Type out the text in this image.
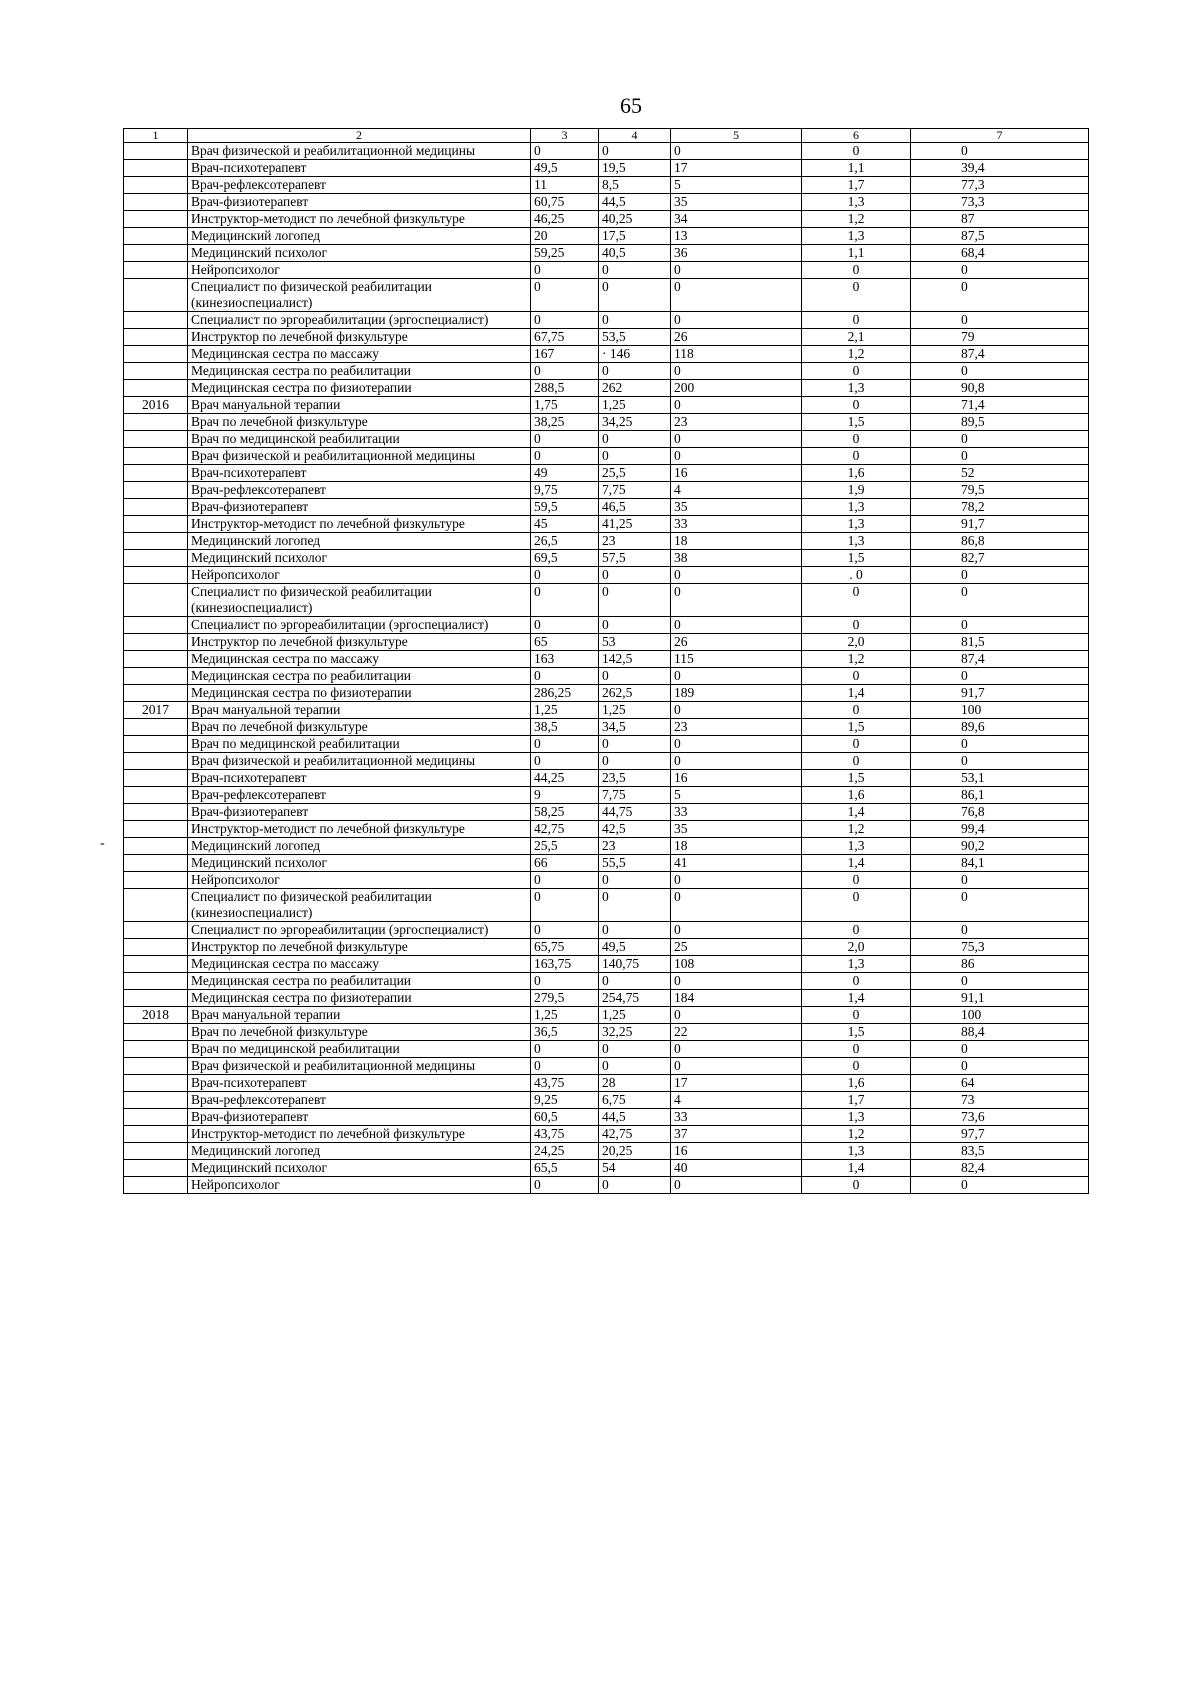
65
-
1	2	3	4	5	6	7
	Врач физической и реабилитационной медицины	0	0	0	0	0
	Врач-психотерапевт	49,5	19,5	17	1,1	39,4
	Врач-рефлексотерапевт	11	8,5	5	1,7	77,3
	Врач-физиотерапевт	60,75	44,5	35	1,3	73,3
	Инструктор-методист по лечебной физкультуре	46,25	40,25	34	1,2	87
	Медицинский логопед	20	17,5	13	1,3	87,5
	Медицинский психолог	59,25	40,5	36	1,1	68,4
	Нейропсихолог	0	0	0	0	0
	Специалист по физической реабилитации (кинезиоспециалист)	0	0	0	0	0
	Специалист по эргореабилитации (эргоспециалист)	0	0	0	0	0
	Инструктор по лечебной физкультуре	67,75	53,5	26	2,1	79
	Медицинская сестра по массажу	167	· 146	118	1,2	87,4
	Медицинская сестра по реабилитации	0	0	0	0	0
	Медицинская сестра по физиотерапии	288,5	262	200	1,3	90,8
2016	Врач мануальной терапии	1,75	1,25	0	0	71,4
	Врач по лечебной физкультуре	38,25	34,25	23	1,5	89,5
	Врач по медицинской реабилитации	0	0	0	0	0
	Врач физической и реабилитационной медицины	0	0	0	0	0
	Врач-психотерапевт	49	25,5	16	1,6	52
	Врач-рефлексотерапевт	9,75	7,75	4	1,9	79,5
	Врач-физиотерапевт	59,5	46,5	35	1,3	78,2
	Инструктор-методист по лечебной физкультуре	45	41,25	33	1,3	91,7
	Медицинский логопед	26,5	23	18	1,3	86,8
	Медицинский психолог	69,5	57,5	38	1,5	82,7
	Нейропсихолог	0	0	0	. 0	0
	Специалист по физической реабилитации (кинезиоспециалист)	0	0	0	0	0
	Специалист по эргореабилитации (эргоспециалист)	0	0	0	0	0
	Инструктор по лечебной физкультуре	65	53	26	2,0	81,5
	Медицинская сестра по массажу	163	142,5	115	1,2	87,4
	Медицинская сестра по реабилитации	0	0	0	0	0
	Медицинская сестра по физиотерапии	286,25	262,5	189	1,4	91,7
2017	Врач мануальной терапии	1,25	1,25	0	0	100
	Врач по лечебной физкультуре	38,5	34,5	23	1,5	89,6
	Врач по медицинской реабилитации	0	0	0	0	0
	Врач физической и реабилитационной медицины	0	0	0	0	0
	Врач-психотерапевт	44,25	23,5	16	1,5	53,1
	Врач-рефлексотерапевт	9	7,75	5	1,6	86,1
	Врач-физиотерапевт	58,25	44,75	33	1,4	76,8
	Инструктор-методист по лечебной физкультуре	42,75	42,5	35	1,2	99,4
	Медицинский логопед	25,5	23	18	1,3	90,2
	Медицинский психолог	66	55,5	41	1,4	84,1
	Нейропсихолог	0	0	0	0	0
	Специалист по физической реабилитации (кинезиоспециалист)	0	0	0	0	0
	Специалист по эргореабилитации (эргоспециалист)	0	0	0	0	0
	Инструктор по лечебной физкультуре	65,75	49,5	25	2,0	75,3
	Медицинская сестра по массажу	163,75	140,75	108	1,3	86
	Медицинская сестра по реабилитации	0	0	0	0	0
	Медицинская сестра по физиотерапии	279,5	254,75	184	1,4	91,1
2018	Врач мануальной терапии	1,25	1,25	0	0	100
	Врач по лечебной физкультуре	36,5	32,25	22	1,5	88,4
	Врач по медицинской реабилитации	0	0	0	0	0
	Врач физической и реабилитационной медицины	0	0	0	0	0
	Врач-психотерапевт	43,75	28	17	1,6	64
	Врач-рефлексотерапевт	9,25	6,75	4	1,7	73
	Врач-физиотерапевт	60,5	44,5	33	1,3	73,6
	Инструктор-методист по лечебной физкультуре	43,75	42,75	37	1,2	97,7
	Медицинский логопед	24,25	20,25	16	1,3	83,5
	Медицинский психолог	65,5	54	40	1,4	82,4
	Нейропсихолог	0	0	0	0	0
